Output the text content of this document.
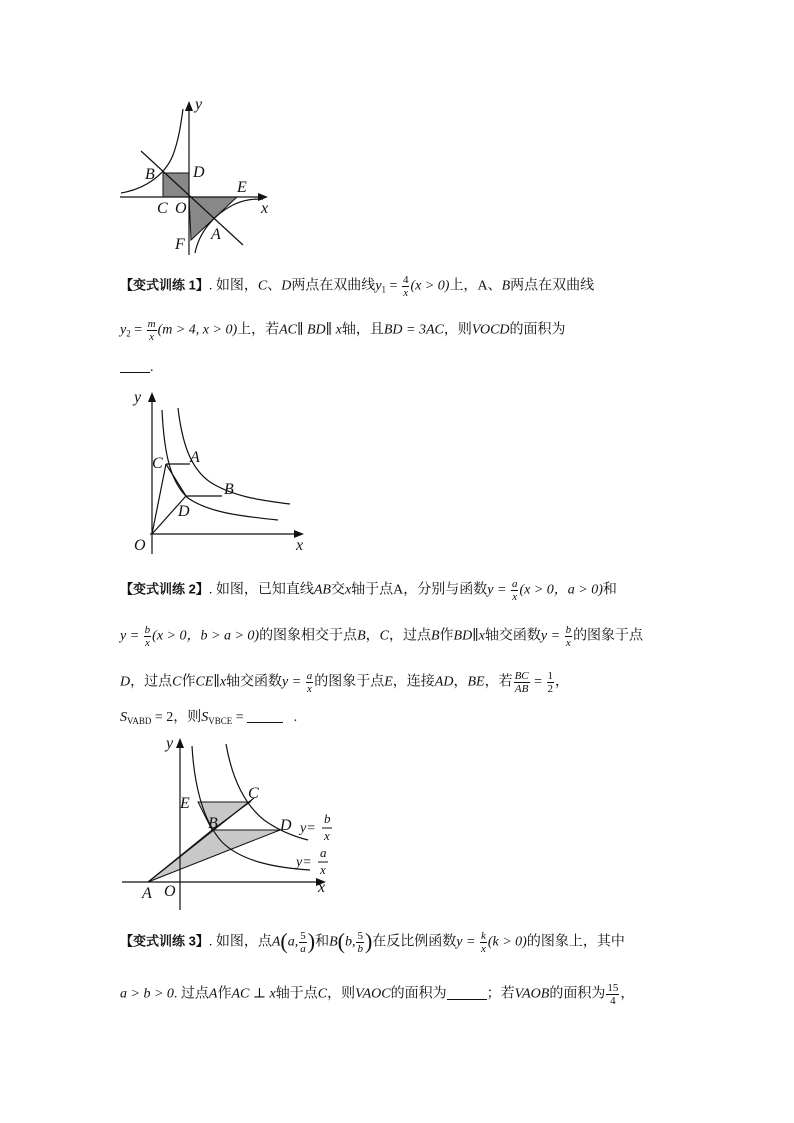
y
x
B D
E
C O
A
F
【变式训练 1】. 如图，C、D两点在双曲线$y_1 = \frac{4}{x} (x > 0)$上，A、B两点在双曲线
$y_2 = \frac{m}{x} (m > 4$, x > 0)上，若AC∥ BD∥ x轴，且BD = 3AC，则VOCD的面积为
.
y
x
O
C A
B
D
【变式训练 2】. 如图，已知直线AB交x轴于点A，分别与函数$y = \frac{a}{x} (x > 0$，a > 0)和
$y = \frac{b}{x} (x > 0$，b > a > 0)的图象相交于点B，C，过点B作BD∥x轴交函数$y = \frac{b}{x}$ 的图象于点
D，过点C作CE∥x轴交函数$y = \frac{a}{x}$ 的图象于点E，连接AD，BE，若 $\frac{BC}{AB} = \frac{1}{2}$ ，
$S_{VABD} = 2$，则$S_{VBCE}$ =	.
y
x
E
C
B	D
A O
y=
b
x
y=
a
x
【变式训练 3】. 如图，点A(a, $\frac{5}{a}$ )和B(b, $\frac{5}{b}$ )在反比例函数$y = \frac{k}{x} (k > 0)$的图象上，其中
a > b > 0. 过点A作AC ⊥ x轴于点C，则VAOC的面积为	；若VAOB的面积为 $\frac{15}{4}$ ，
